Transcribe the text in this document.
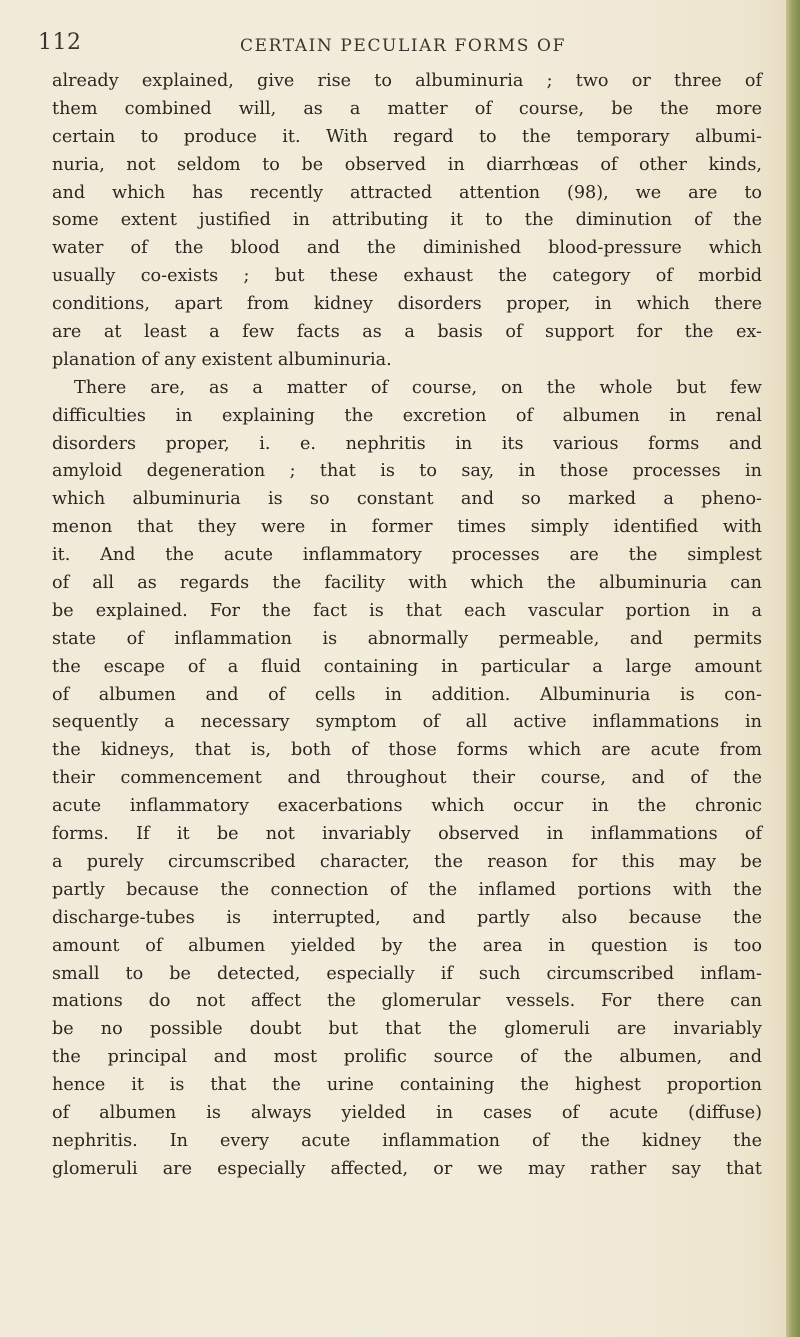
112	CERTAIN PECULIAR FORMS OF
already explained, give rise to albuminuria ; two or three of
them combined will, as a matter of course, be the more
certain to produce it. With regard to the temporary albumi-
nuria, not seldom to be observed in diarrhœas of other kinds,
and which has recently attracted attention (98), we are to
some extent justified in attributing it to the diminution of the
water of the blood and the diminished blood-pressure which
usually co-exists ; but these exhaust the category of morbid
conditions, apart from kidney disorders proper, in which there
are at least a few facts as a basis of support for the ex-
planation of any existent albuminuria.
There are, as a matter of course, on the whole but few
difficulties in explaining the excretion of albumen in renal
disorders proper, i. e. nephritis in its various forms and
amyloid degeneration ; that is to say, in those processes in
which albuminuria is so constant and so marked a pheno-
menon that they were in former times simply identified with
it. And the acute inflammatory processes are the simplest
of all as regards the facility with which the albuminuria can
be explained. For the fact is that each vascular portion in a
state of inflammation is abnormally permeable, and permits
the escape of a fluid containing in particular a large amount
of albumen and of cells in addition. Albuminuria is con-
sequently a necessary symptom of all active inflammations in
the kidneys, that is, both of those forms which are acute from
their commencement and throughout their course, and of the
acute inflammatory exacerbations which occur in the chronic
forms. If it be not invariably observed in inflammations of
a purely circumscribed character, the reason for this may be
partly because the connection of the inflamed portions with the
discharge-tubes is interrupted, and partly also because the
amount of albumen yielded by the area in question is too
small to be detected, especially if such circumscribed inflam-
mations do not affect the glomerular vessels. For there can
be no possible doubt but that the glomeruli are invariably
the principal and most prolific source of the albumen, and
hence it is that the urine containing the highest proportion
of albumen is always yielded in cases of acute (diffuse)
nephritis. In every acute inflammation of the kidney the
glomeruli are especially affected, or we may rather say that
